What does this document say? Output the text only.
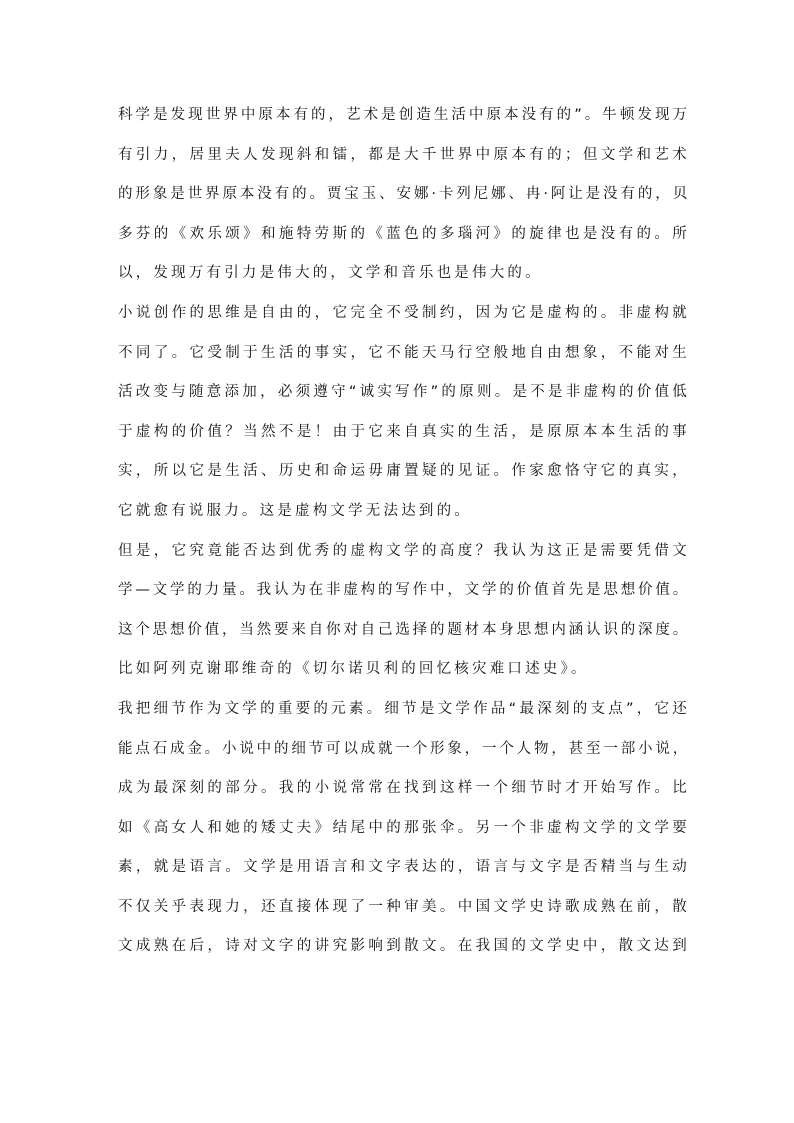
科学是发现世界中原本有的，艺术是创造生活中原本没有的”。牛顿发现万
有引力，居里夫人发现斜和镭，都是大千世界中原本有的；但文学和艺术
的形象是世界原本没有的。贾宝玉、安娜·卡列尼娜、冉·阿让是没有的，贝
多芬的《欢乐颂》和施特劳斯的《蓝色的多瑙河》的旋律也是没有的。所
以，发现万有引力是伟大的，文学和音乐也是伟大的。
小说创作的思维是自由的，它完全不受制约，因为它是虚构的。非虚构就
不同了。它受制于生活的事实，它不能天马行空般地自由想象，不能对生
活改变与随意添加，必须遵守“诚实写作”的原则。是不是非虚构的价值低
于虚构的价值？当然不是！由于它来自真实的生活，是原原本本生活的事
实，所以它是生活、历史和命运毋庸置疑的见证。作家愈恪守它的真实，
它就愈有说服力。这是虚构文学无法达到的。
但是，它究竟能否达到优秀的虚构文学的高度？我认为这正是需要凭借文
学—文学的力量。我认为在非虚构的写作中，文学的价值首先是思想价值。
这个思想价值，当然要来自你对自己选择的题材本身思想内涵认识的深度。
比如阿列克谢耶维奇的《切尔诺贝利的回忆核灾难口述史》。
我把细节作为文学的重要的元素。细节是文学作品“最深刻的支点”，它还
能点石成金。小说中的细节可以成就一个形象，一个人物，甚至一部小说，
成为最深刻的部分。我的小说常常在找到这样一个细节时才开始写作。比
如《高女人和她的矮丈夫》结尾中的那张伞。另一个非虚构文学的文学要
素，就是语言。文学是用语言和文字表达的，语言与文字是否精当与生动
不仅关乎表现力，还直接体现了一种审美。中国文学史诗歌成熟在前，散
文成熟在后，诗对文字的讲究影响到散文。在我国的文学史中，散文达到
